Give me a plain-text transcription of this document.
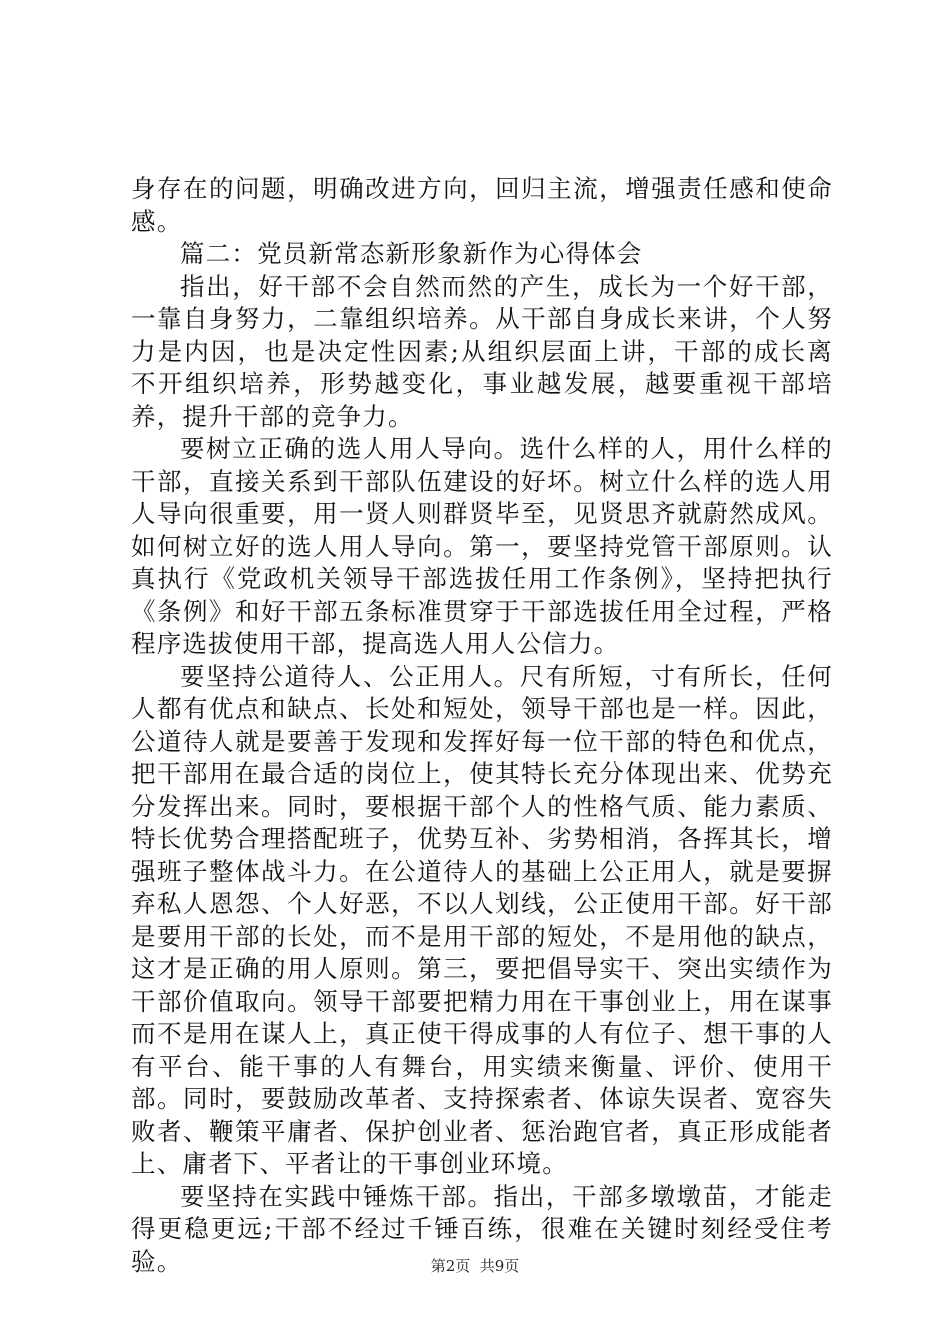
身存在的问题，明确改进方向，回归主流，增强责任感和使命感。

篇二：党员新常态新形象新作为心得体会

指出，好干部不会自然而然的产生，成长为一个好干部，一靠自身努力，二靠组织培养。从干部自身成长来讲，个人努力是内因，也是决定性因素;从组织层面上讲，干部的成长离不开组织培养，形势越变化，事业越发展，越要重视干部培养，提升干部的竞争力。

要树立正确的选人用人导向。选什么样的人，用什么样的干部，直接关系到干部队伍建设的好坏。树立什么样的选人用人导向很重要，用一贤人则群贤毕至，见贤思齐就蔚然成风。如何树立好的选人用人导向。第一，要坚持党管干部原则。认真执行《党政机关领导干部选拔任用工作条例》，坚持把执行《条例》和好干部五条标准贯穿于干部选拔任用全过程，严格程序选拔使用干部，提高选人用人公信力。

要坚持公道待人、公正用人。尺有所短，寸有所长，任何人都有优点和缺点、长处和短处，领导干部也是一样。因此，公道待人就是要善于发现和发挥好每一位干部的特色和优点，把干部用在最合适的岗位上，使其特长充分体现出来、优势充分发挥出来。同时，要根据干部个人的性格气质、能力素质、特长优势合理搭配班子，优势互补、劣势相消，各挥其长，增强班子整体战斗力。在公道待人的基础上公正用人，就是要摒弃私人恩怨、个人好恶，不以人划线，公正使用干部。好干部是要用干部的长处，而不是用干部的短处，不是用他的缺点，这才是正确的用人原则。第三，要把倡导实干、突出实绩作为干部价值取向。领导干部要把精力用在干事创业上，用在谋事而不是用在谋人上，真正使干得成事的人有位子、想干事的人有平台、能干事的人有舞台，用实绩来衡量、评价、使用干部。同时，要鼓励改革者、支持探索者、体谅失误者、宽容失败者、鞭策平庸者、保护创业者、惩治跑官者，真正形成能者上、庸者下、平者让的干事创业环境。

要坚持在实践中锤炼干部。指出，干部多墩墩苗，才能走得更稳更远;干部不经过千锤百练，很难在关键时刻经受住考验。	第2页  共9页
